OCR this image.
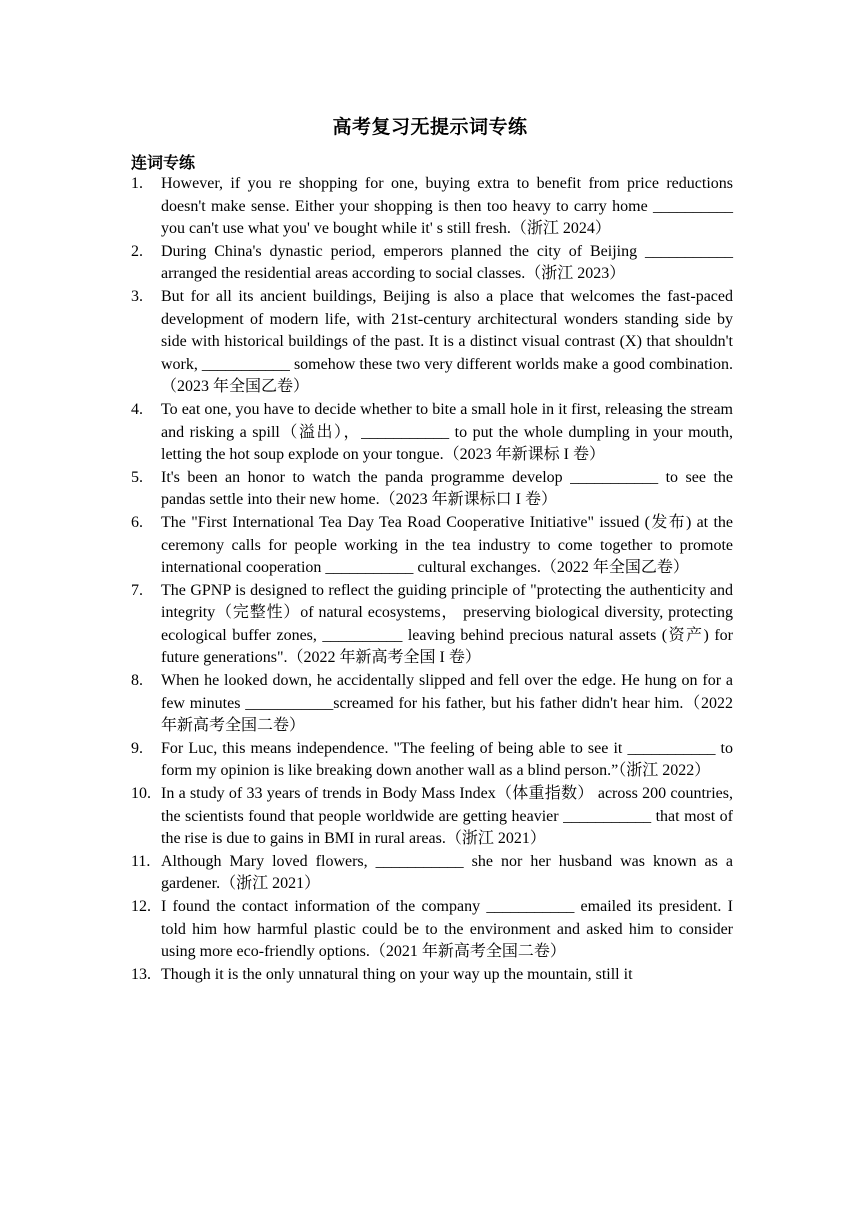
高考复习无提示词专练
连词专练
1.	However, if you re shopping for one, buying extra to benefit from price reductions doesn't make sense. Either your shopping is then too heavy to carry home __________ you can't use what you' ve bought while it' s still fresh.（浙江 2024）
2.	During China's dynastic period, emperors planned the city of Beijing ___________ arranged the residential areas according to social classes.（浙江 2023）
3.	But for all its ancient buildings, Beijing is also a place that welcomes the fast-paced development of modern life, with 21st-century architectural wonders standing side by side with historical buildings of the past. It is a distinct visual contrast (X) that shouldn't work, ___________ somehow these two very different worlds make a good combination.（2023 年全国乙卷）
4.	To eat one, you have to decide whether to bite a small hole in it first, releasing the stream and risking a spill（溢出），___________ to put the whole dumpling in your mouth, letting the hot soup explode on your tongue.（2023 年新课标 I 卷）
5.	It's been an honor to watch the panda programme develop ___________ to see the pandas settle into their new home.（2023 年新课标口 I 卷）
6.	The "First International Tea Day Tea Road Cooperative Initiative" issued (发布) at the ceremony calls for people working in the tea industry to come together to promote international cooperation ___________ cultural exchanges.（2022 年全国乙卷）
7.	The GPNP is designed to reflect the guiding principle of "protecting the authenticity and integrity（完整性）of natural ecosystems， preserving biological diversity, protecting ecological buffer zones, __________ leaving behind precious natural assets (资产) for future generations".（2022 年新高考全国 I 卷）
8.	When he looked down, he accidentally slipped and fell over the edge. He hung on for a few minutes ___________screamed for his father, but his father didn't hear him.（2022 年新高考全国二卷）
9.	For Luc, this means independence. "The feeling of being able to see it ___________ to form my opinion is like breaking down another wall as a blind person.”（浙江 2022）
10. In a study of 33 years of trends in Body Mass Index（体重指数） across 200 countries, the scientists found that people worldwide are getting heavier ___________ that most of the rise is due to gains in BMI in rural areas.（浙江 2021）
11. Although Mary loved flowers, ___________ she nor her husband was known as a gardener.（浙江 2021）
12. I found the contact information of the company ___________ emailed its president. I told him how harmful plastic could be to the environment and asked him to consider using more eco-friendly options.（2021 年新高考全国二卷）
13. Though it is the only unnatural thing on your way up the mountain, still it
